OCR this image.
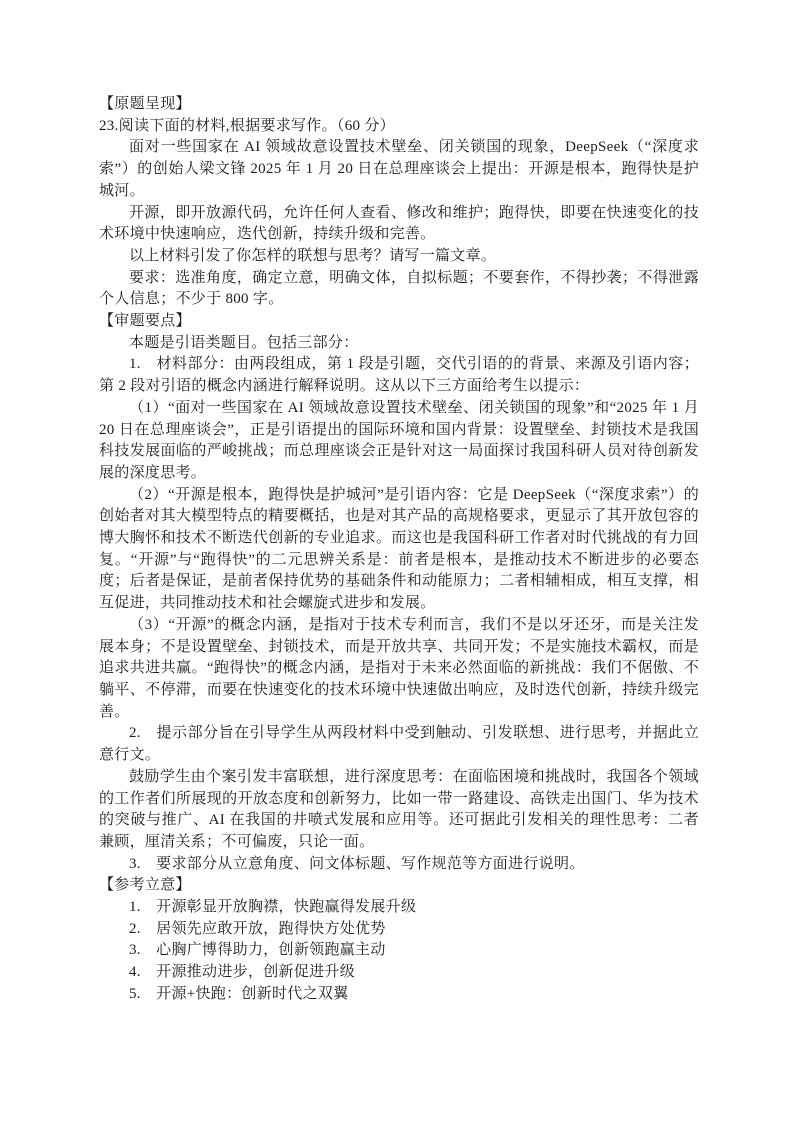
【原题呈现】

23.阅读下面的材料,根据要求写作。（60 分）

面对一些国家在 AI 领域故意设置技术壁垒、闭关锁国的现象，DeepSeek（“深度求索”）的创始人梁文锋 2025 年 1 月 20 日在总理座谈会上提出：开源是根本，跑得快是护城河。

开源，即开放源代码，允许任何人查看、修改和维护；跑得快，即要在快速变化的技术环境中快速响应，迭代创新，持续升级和完善。

以上材料引发了你怎样的联想与思考？请写一篇文章。

要求：选准角度，确定立意，明确文体，自拟标题；不要套作，不得抄袭；不得泄露个人信息；不少于 800 字。

【审题要点】

本题是引语类题目。包括三部分：

1.　材料部分：由两段组成，第 1 段是引题，交代引语的的背景、来源及引语内容；第 2 段对引语的概念内涵进行解释说明。这从以下三方面给考生以提示：

（1）“面对一些国家在 AI 领域故意设置技术壁垒、闭关锁国的现象”和“2025 年 1 月 20 日在总理座谈会”，正是引语提出的国际环境和国内背景：设置壁垒、封锁技术是我国科技发展面临的严峻挑战；而总理座谈会正是针对这一局面探讨我国科研人员对待创新发展的深度思考。

（2）“开源是根本，跑得快是护城河”是引语内容：它是 DeepSeek（“深度求索”）的创始者对其大模型特点的精要概括，也是对其产品的高规格要求，更显示了其开放包容的博大胸怀和技术不断迭代创新的专业追求。而这也是我国科研工作者对时代挑战的有力回复。“开源”与“跑得快”的二元思辨关系是：前者是根本，是推动技术不断进步的必要态度；后者是保证，是前者保持优势的基础条件和动能原力；二者相辅相成，相互支撑，相互促进，共同推动技术和社会螺旋式进步和发展。

（3）“开源”的概念内涵，是指对于技术专利而言，我们不是以牙还牙，而是关注发展本身；不是设置壁垒、封锁技术，而是开放共享、共同开发；不是实施技术霸权，而是追求共进共赢。“跑得快”的概念内涵，是指对于未来必然面临的新挑战：我们不倨傲、不躺平、不停滞，而要在快速变化的技术环境中快速做出响应，及时迭代创新，持续升级完善。

2.　提示部分旨在引导学生从两段材料中受到触动、引发联想、进行思考，并据此立意行文。

鼓励学生由个案引发丰富联想，进行深度思考：在面临困境和挑战时，我国各个领域的工作者们所展现的开放态度和创新努力，比如一带一路建设、高铁走出国门、华为技术的突破与推广、AI 在我国的井喷式发展和应用等。还可据此引发相关的理性思考：二者兼顾，厘清关系；不可偏废，只论一面。

3.　要求部分从立意角度、问文体标题、写作规范等方面进行说明。

【参考立意】

1.　开源彰显开放胸襟，快跑赢得发展升级

2.　居领先应敢开放，跑得快方处优势

3.　心胸广博得助力，创新领跑赢主动

4.　开源推动进步，创新促进升级

5.　开源+快跑：创新时代之双翼
